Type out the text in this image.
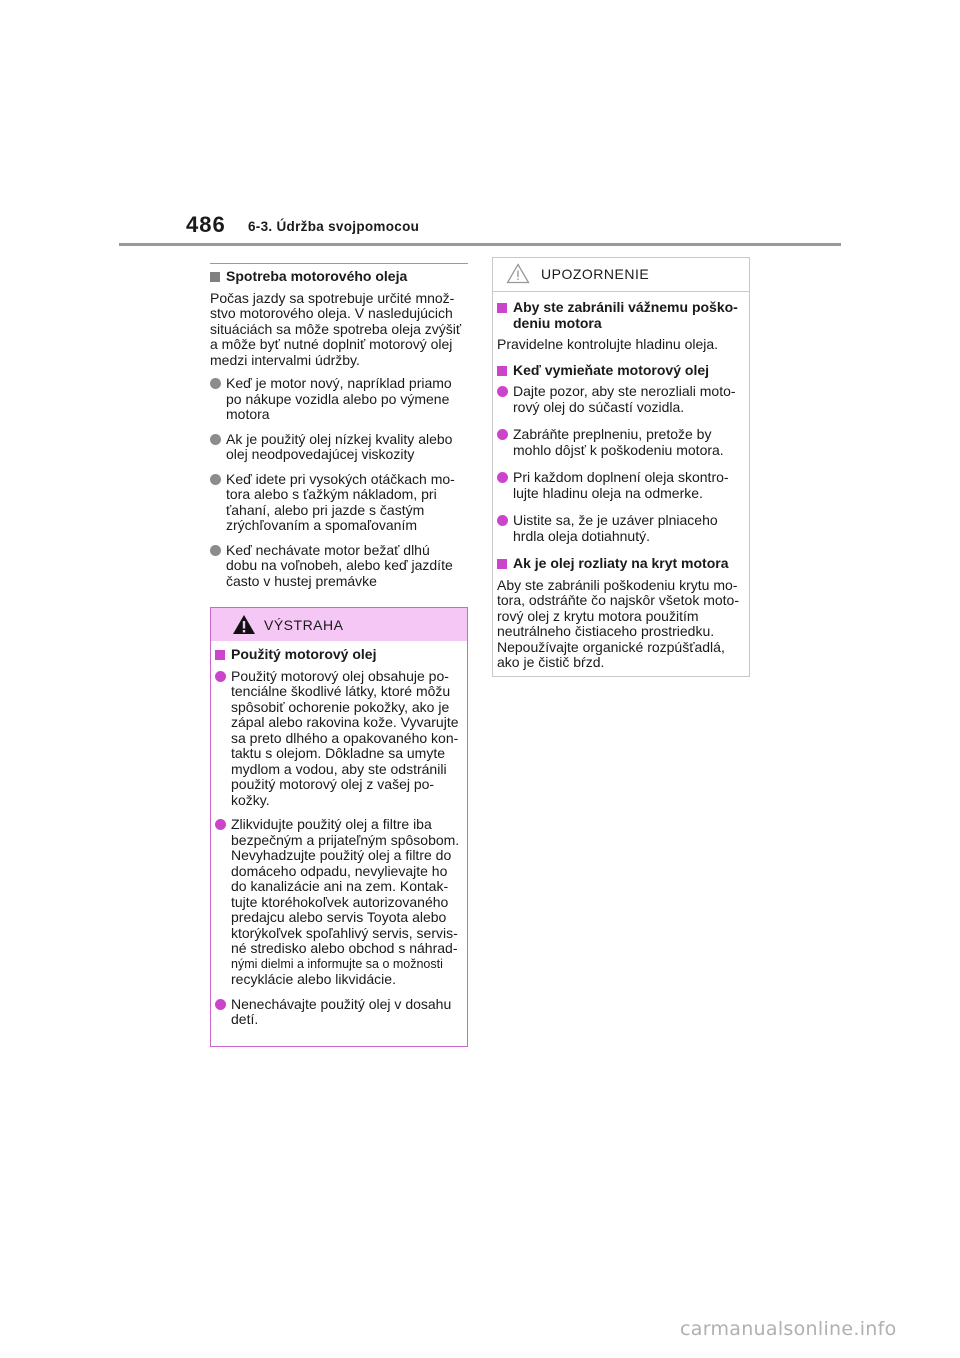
486 6-3. Údržba svojpomocou
Spotreba motorového oleja
Počas jazdy sa spotrebuje určité množ-
stvo motorového oleja. V nasledujúcich
situáciách sa môže spotreba oleja zvýšiť
a môže byť nutné doplniť motorový olej
medzi intervalmi údržby.
Keď je motor nový, napríklad priamo
po nákupe vozidla alebo po výmene
motora
Ak je použitý olej nízkej kvality alebo
olej neodpovedajúcej viskozity
Keď idete pri vysokých otáčkach mo-
tora alebo s ťažkým nákladom, pri
ťahaní, alebo pri jazde s častým
zrýchľovaním a spomaľovaním
Keď nechávate motor bežať dlhú
dobu na voľnobeh, alebo keď jazdíte
často v hustej premávke
VÝSTRAHA
Použitý motorový olej
Použitý motorový olej obsahuje po-
tenciálne škodlivé látky, ktoré môžu
spôsobiť ochorenie pokožky, ako je
zápal alebo rakovina kože. Vyvarujte
sa preto dlhého a opakovaného kon-
taktu s olejom. Dôkladne sa umyte
mydlom a vodou, aby ste odstránili
použitý motorový olej z vašej po-
kožky.
Zlikvidujte použitý olej a filtre iba
bezpečným a prijateľným spôsobom.
Nevyhadzujte použitý olej a filtre do
domáceho odpadu, nevylievajte ho
do kanalizácie ani na zem. Kontak-
tujte ktoréhokoľvek autorizovaného
predajcu alebo servis Toyota alebo
ktorýkoľvek spoľahlivý servis, servis-
né stredisko alebo obchod s náhrad-
nými dielmi a informujte sa o možnosti
recyklácie alebo likvidácie.
Nenechávajte použitý olej v dosahu
detí.
UPOZORNENIE
Aby ste zabránili vážnemu poško-
deniu motora
Pravidelne kontrolujte hladinu oleja.
Keď vymieňate motorový olej
Dajte pozor, aby ste nerozliali moto-
rový olej do súčastí vozidla.
Zabráňte preplneniu, pretože by
mohlo dôjsť k poškodeniu motora.
Pri každom doplnení oleja skontro-
lujte hladinu oleja na odmerke.
Uistite sa, že je uzáver plniaceho
hrdla oleja dotiahnutý.
Ak je olej rozliaty na kryt motora
Aby ste zabránili poškodeniu krytu mo-
tora, odstráňte čo najskôr všetok moto-
rový olej z krytu motora použitím
neutrálneho čistiaceho prostriedku.
Nepoužívajte organické rozpúšťadlá,
ako je čistič bŕzd.
carmanualsonline.info
